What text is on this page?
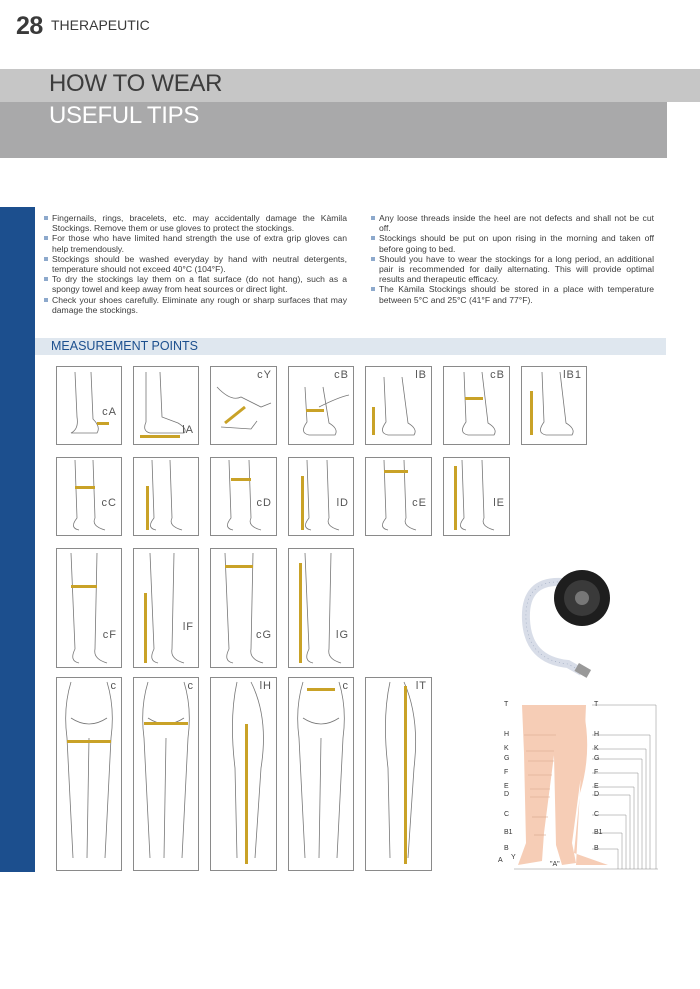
28 THERAPEUTIC
HOW TO WEAR
USEFUL TIPS
Fingernails, rings, bracelets, etc. may accidentally damage the Kàmila Stockings. Remove them or use gloves to protect the stockings.
For those who have limited hand strength the use of extra grip gloves can help tremendously.
Stockings should be washed everyday by hand with neutral detergents, temperature should not exceed 40°C (104°F).
To dry the stockings lay them on a flat surface (do not hang), such as a spongy towel and keep away from heat sources or direct light.
Check your shoes carefully. Eliminate any rough or sharp surfaces that may damage the stockings.
Any loose threads inside the heel are not defects and shall not be cut off.
Stockings should be put on upon rising in the morning and taken off before going to bed.
Should you have to wear the stockings for a long period, an additional pair is recommended for daily alternating. This will provide optimal results and therapeutic efficacy.
The Kàmila Stockings should be stored in a place with temperature between 5°C and 25°C (41°F and 77°F).
MEASUREMENT POINTS
cA
lA
cY	cB	lB	cB	lB1
cC	cD	lD	cE	lE
cF
lF
cG	lG
c	c	lH	c	lT
T
H
K
G
F
E
D
C
B1
B
A Y
T
H
K
G
F
E
D
C
B1
B
"A"
